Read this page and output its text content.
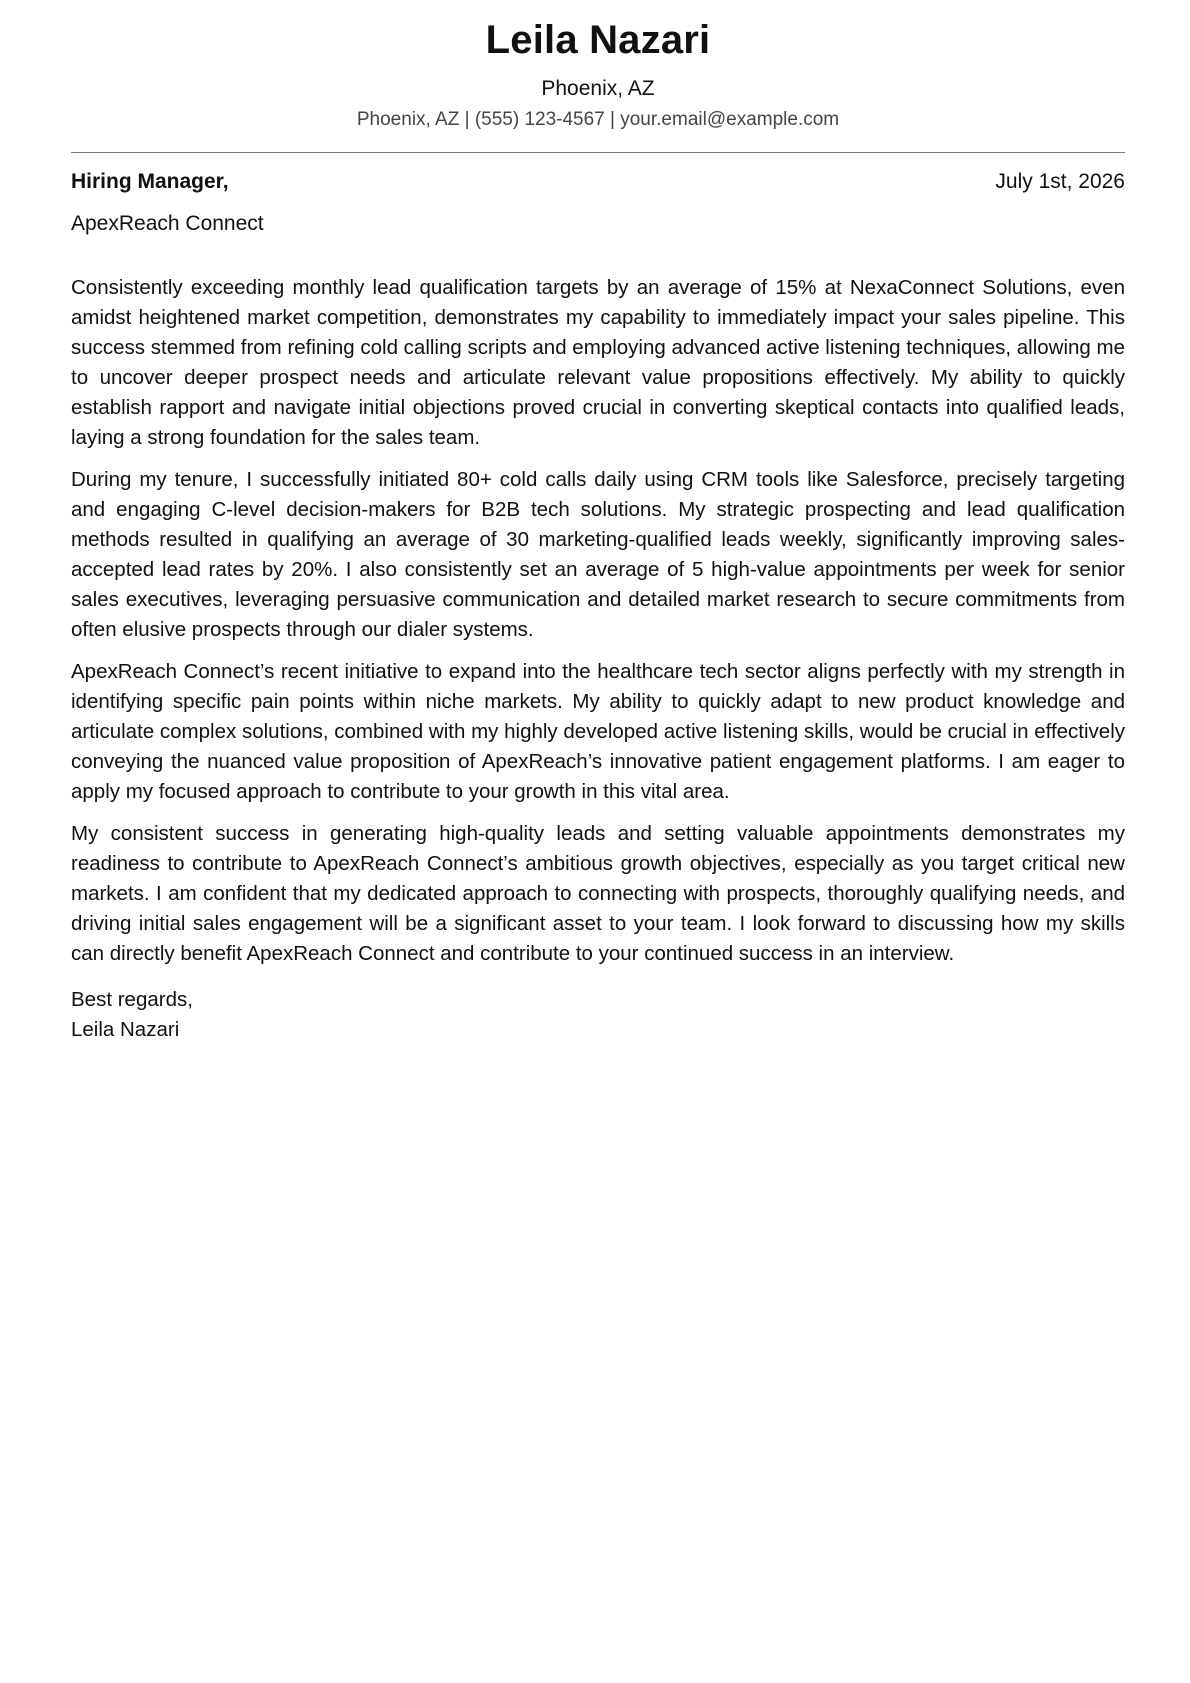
Leila Nazari
Phoenix, AZ
Phoenix, AZ | (555) 123-4567 | your.email@example.com
Hiring Manager,	July 1st, 2026
ApexReach Connect

Consistently exceeding monthly lead qualification targets by an average of 15% at NexaConnect Solutions, even amidst heightened market competition, demonstrates my capability to immediately impact your sales pipeline. This success stemmed from refining cold calling scripts and employing advanced active listening techniques, allowing me to uncover deeper prospect needs and articulate relevant value propositions effectively. My ability to quickly establish rapport and navigate initial objections proved crucial in converting skeptical contacts into qualified leads, laying a strong foundation for the sales team.

During my tenure, I successfully initiated 80+ cold calls daily using CRM tools like Salesforce, precisely targeting and engaging C-level decision-makers for B2B tech solutions. My strategic prospecting and lead qualification methods resulted in qualifying an average of 30 marketing-qualified leads weekly, significantly improving sales-accepted lead rates by 20%. I also consistently set an average of 5 high-value appointments per week for senior sales executives, leveraging persuasive communication and detailed market research to secure commitments from often elusive prospects through our dialer systems.

ApexReach Connect’s recent initiative to expand into the healthcare tech sector aligns perfectly with my strength in identifying specific pain points within niche markets. My ability to quickly adapt to new product knowledge and articulate complex solutions, combined with my highly developed active listening skills, would be crucial in effectively conveying the nuanced value proposition of ApexReach’s innovative patient engagement platforms. I am eager to apply my focused approach to contribute to your growth in this vital area.

My consistent success in generating high-quality leads and setting valuable appointments demonstrates my readiness to contribute to ApexReach Connect’s ambitious growth objectives, especially as you target critical new markets. I am confident that my dedicated approach to connecting with prospects, thoroughly qualifying needs, and driving initial sales engagement will be a significant asset to your team. I look forward to discussing how my skills can directly benefit ApexReach Connect and contribute to your continued success in an interview.

Best regards,
Leila Nazari
